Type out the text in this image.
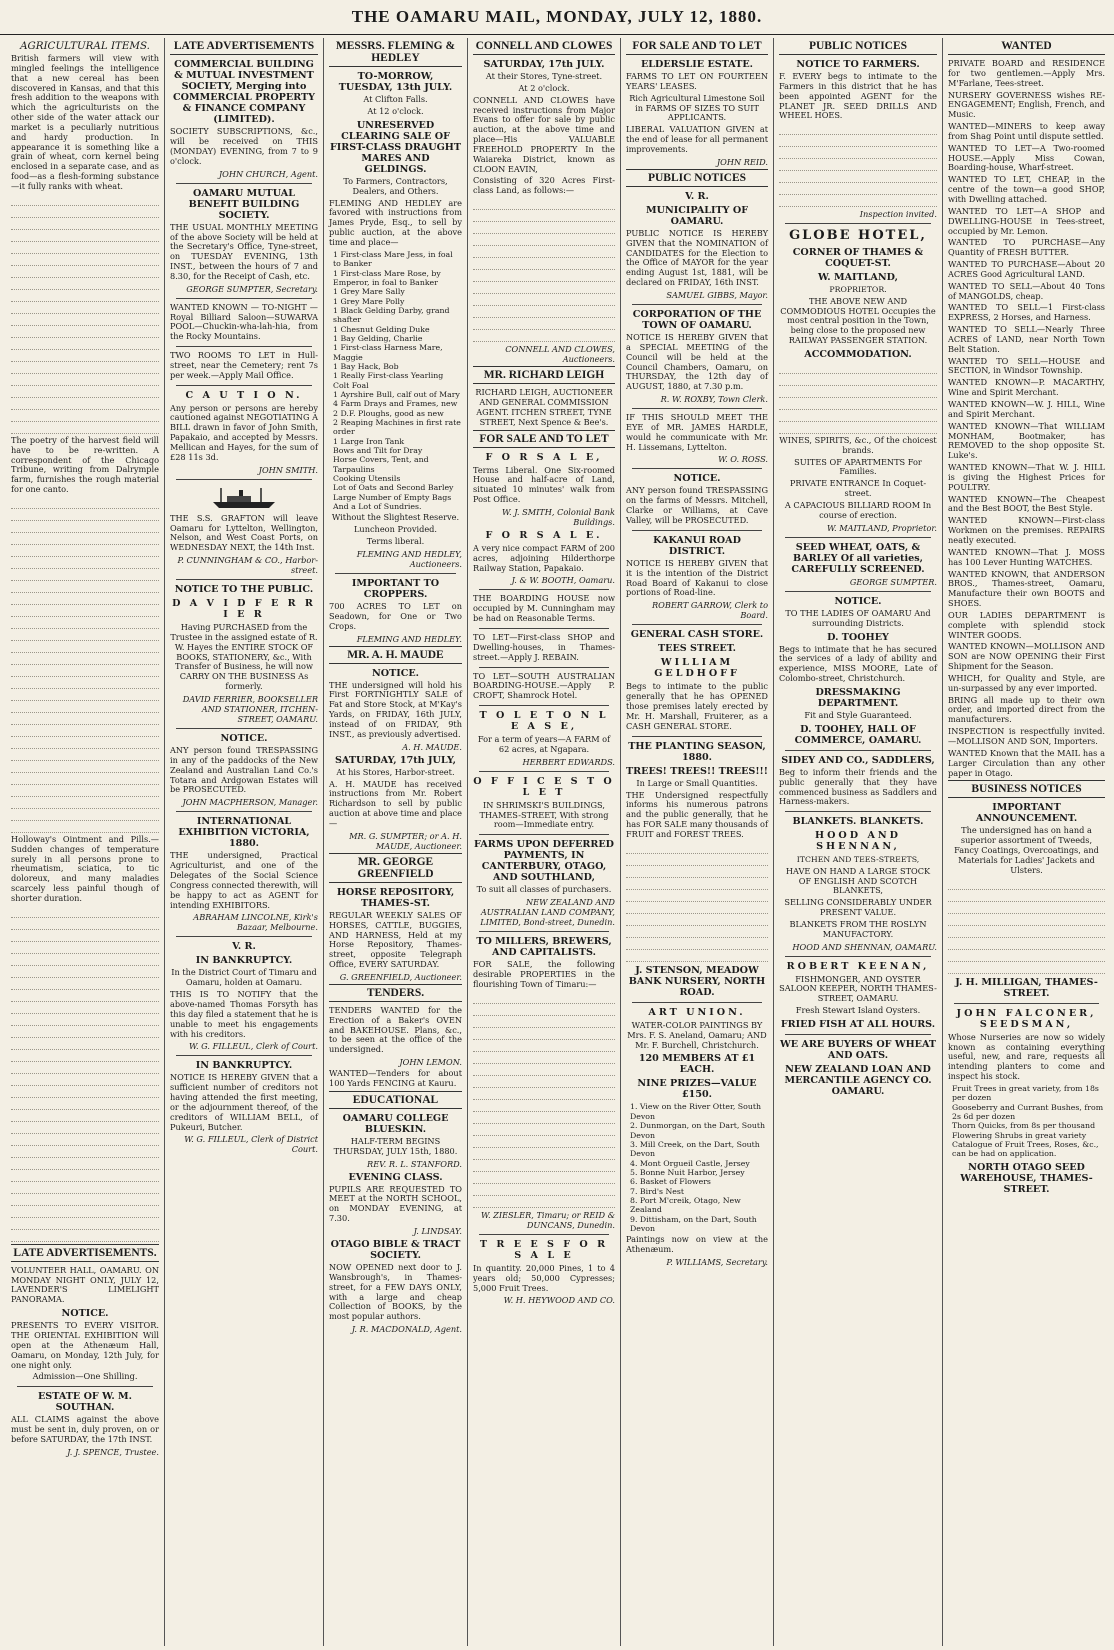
THE OAMARU MAIL, MONDAY, JULY 12, 1880.
AGRICULTURAL ITEMS.

British farmers will view with mingled feelings the intelligence that a new cereal has been discovered in Kansas, and that this fresh addition to the weapons with which the agriculturists on the other side of the water attack our market is a peculiarly nutritious and hardy production. In appearance it is something like a grain of wheat, corn kernel being enclosed in a separate case, and as food—as a flesh-forming substance—it fully ranks with wheat.

The poetry of the harvest field will have to be re-written. A correspondent of the Chicago Tribune, writing from Dalrymple farm, furnishes the rough material for one canto.

Holloway's Ointment and Pills.—Sudden changes of temperature surely in all persons prone to rheumatism, sciatica, to tic doloreux, and many maladies scarcely less painful though of shorter duration.

LATE ADVERTISEMENTS.

VOLUNTEER HALL, OAMARU. ON MONDAY NIGHT ONLY, JULY 12, LAVENDER'S LIMELIGHT PANORAMA.

NOTICE.

PRESENTS TO EVERY VISITOR. THE ORIENTAL EXHIBITION Will open at the Athenæum Hall, Oamaru, on Monday, 12th July, for one night only.

Admission—One Shilling.

ESTATE OF W. M. SOUTHAN.

ALL CLAIMS against the above must be sent in, duly proven, on or before SATURDAY, the 17th INST.

J. J. SPENCE, Trustee.
LATE ADVERTISEMENTS
COMMERCIAL BUILDING & MUTUAL INVESTMENT SOCIETY, Merging into COMMERCIAL PROPERTY & FINANCE COMPANY (LIMITED).

SOCIETY SUBSCRIPTIONS, &c., will be received on THIS (MONDAY) EVENING, from 7 to 9 o'clock.

JOHN CHURCH, Agent.
OAMARU MUTUAL BENEFIT BUILDING SOCIETY.

THE USUAL MONTHLY MEETING of the above Society will be held at the Secretary's Office, Tyne-street, on TUESDAY EVENING, 13th INST., between the hours of 7 and 8.30, for the Receipt of Cash, etc.

GEORGE SUMPTER, Secretary.

WANTED KNOWN — TO-NIGHT — Royal Billiard Saloon—SUWARVA POOL—Chuckin-wha-lah-hia, from the Rocky Mountains.

TWO ROOMS TO LET in Hull-street, near the Cemetery; rent 7s per week.—Apply Mail Office.

C A U T I O N.

Any person or persons are hereby cautioned against NEGOTIATING A BILL drawn in favor of John Smith, Papakaio, and accepted by Messrs. Mellican and Hayes, for the sum of £28 11s 3d.

JOHN SMITH.

THE S.S. GRAFTON will leave Oamaru for Lyttelton, Wellington, Nelson, and West Coast Ports, on WEDNESDAY NEXT, the 14th Inst.

P. CUNNINGHAM & CO., Harbor-street.
NOTICE TO THE PUBLIC.
D A V I D F E R R I E R

Having PURCHASED from the Trustee in the assigned estate of R. W. Hayes the ENTIRE STOCK OF BOOKS, STATIONERY, &c., With Transfer of Business, he will now CARRY ON THE BUSINESS As formerly.

DAVID FERRIER, BOOKSELLER AND STATIONER, ITCHEN-STREET, OAMARU.
NOTICE.

ANY person found TRESPASSING in any of the paddocks of the New Zealand and Australian Land Co.'s Totara and Ardgowan Estates will be PROSECUTED.

JOHN MACPHERSON, Manager.
INTERNATIONAL EXHIBITION VICTORIA, 1880.

THE undersigned, Practical Agriculturist, and one of the Delegates of the Social Science Congress connected therewith, will be happy to act as AGENT for intending EXHIBITORS.

ABRAHAM LINCOLNE, Kirk's Bazaar, Melbourne.
V. R.
IN BANKRUPTCY.

In the District Court of Timaru and Oamaru, holden at Oamaru.

THIS IS TO NOTIFY that the above-named Thomas Forsyth has this day filed a statement that he is unable to meet his engagements with his creditors.

W. G. FILLEUL, Clerk of Court.
IN BANKRUPTCY.

NOTICE IS HEREBY GIVEN that a sufficient number of creditors not having attended the first meeting, or the adjournment thereof, of the creditors of WILLIAM BELL, of Pukeuri, Butcher.

W. G. FILLEUL, Clerk of District Court.
MESSRS. FLEMING & HEDLEY
TO-MORROW, TUESDAY, 13th JULY.

At Clifton Falls.

At 12 o'clock.

UNRESERVED CLEARING SALE OF FIRST-CLASS DRAUGHT MARES AND GELDINGS.

To Farmers, Contractors, Dealers, and Others.

FLEMING AND HEDLEY are favored with instructions from James Pryde, Esq., to sell by public auction, at the above time and place—

1 First-class Mare Jess, in foal to Banker
1 First-class Mare Rose, by Emperor, in foal to Banker
1 Grey Mare Sally
1 Grey Mare Polly
1 Black Gelding Darby, grand shafter
1 Chesnut Gelding Duke
1 Bay Gelding, Charlie
1 First-class Harness Mare, Maggie
1 Bay Hack, Bob
1 Really First-class Yearling Colt Foal
1 Ayrshire Bull, calf out of Mary
4 Farm Drays and Frames, new
2 D.F. Ploughs, good as new
2 Reaping Machines in first rate order
1 Large Iron Tank
Bows and Tilt for Dray
Horse Covers, Tent, and Tarpaulins
Cooking Utensils
Lot of Oats and Second Barley
Large Number of Empty Bags
And a Lot of Sundries.

Without the Slightest Reserve.

Luncheon Provided.

Terms liberal.

FLEMING AND HEDLEY, Auctioneers.
IMPORTANT TO CROPPERS.

700 ACRES TO LET on Seadown, for One or Two Crops.

FLEMING AND HEDLEY.
MR. A. H. MAUDE
NOTICE.

THE undersigned will hold his First FORTNIGHTLY SALE of Fat and Store Stock, at M'Kay's Yards, on FRIDAY, 16th JULY, instead of on FRIDAY, 9th INST., as previously advertised.

A. H. MAUDE.
SATURDAY, 17th JULY,

At his Stores, Harbor-street.

A. H. MAUDE has received instructions from Mr. Robert Richardson to sell by public auction at above time and place—

MR. G. SUMPTER; or A. H. MAUDE, Auctioneer.
MR. GEORGE GREENFIELD
HORSE REPOSITORY, THAMES-ST.

REGULAR WEEKLY SALES OF HORSES, CATTLE, BUGGIES, AND HARNESS, Held at my Horse Repository, Thames-street, opposite Telegraph Office, EVERY SATURDAY.

G. GREENFIELD, Auctioneer.
TENDERS.

TENDERS WANTED for the Erection of a Baker's OVEN and BAKEHOUSE. Plans, &c., to be seen at the office of the undersigned.

JOHN LEMON.

WANTED—Tenders for about 100 Yards FENCING at Kauru.

EDUCATIONAL
OAMARU COLLEGE BLUESKIN.

HALF-TERM BEGINS THURSDAY, JULY 15th, 1880.

REV. R. L. STANFORD.
EVENING CLASS.

PUPILS ARE REQUESTED TO MEET at the NORTH SCHOOL, on MONDAY EVENING, at 7.30.

J. LINDSAY.
OTAGO BIBLE & TRACT SOCIETY.

NOW OPENED next door to J. Wansbrough's, in Thames-street, for a FEW DAYS ONLY, with a large and cheap Collection of BOOKS, by the most popular authors.

J. R. MACDONALD, Agent.
CONNELL AND CLOWES
SATURDAY, 17th JULY.

At their Stores, Tyne-street.

At 2 o'clock.

CONNELL AND CLOWES have received instructions from Major Evans to offer for sale by public auction, at the above time and place—His VALUABLE FREEHOLD PROPERTY In the Waiareka District, known as CLOON EAVIN,

Consisting of 320 Acres First-class Land, as follows:—

CONNELL AND CLOWES, Auctioneers.
MR. RICHARD LEIGH

RICHARD LEIGH, AUCTIONEER AND GENERAL COMMISSION AGENT. ITCHEN STREET, TYNE STREET, Next Spence & Bee's.

FOR SALE AND TO LET
F O R S A L E,

Terms Liberal. One Six-roomed House and half-acre of Land, situated 10 minutes' walk from Post Office.

W. J. SMITH, Colonial Bank Buildings.
F O R S A L E.

A very nice compact FARM of 200 acres, adjoining Hilderthorpe Railway Station, Papakaio.

J. & W. BOOTH, Oamaru.

THE BOARDING HOUSE now occupied by M. Cunningham may be had on Reasonable Terms.

TO LET—First-class SHOP and Dwelling-houses, in Thames-street.—Apply J. REBAIN.

TO LET—SOUTH AUSTRALIAN BOARDING-HOUSE.—Apply P. CROFT, Shamrock Hotel.

T O L E T O N L E A S E,

For a term of years—A FARM of 62 acres, at Ngapara.

HERBERT EDWARDS.
O F F I C E S T O L E T

IN SHRIMSKI'S BUILDINGS, THAMES-STREET, With strong room—Immediate entry.

FARMS UPON DEFERRED PAYMENTS, IN CANTERBURY, OTAGO, AND SOUTHLAND,

To suit all classes of purchasers.

NEW ZEALAND AND AUSTRALIAN LAND COMPANY, LIMITED, Bond-street, Dunedin.
TO MILLERS, BREWERS, AND CAPITALISTS.

FOR SALE, the following desirable PROPERTIES in the flourishing Town of Timaru:—

W. ZIESLER, Timaru; or REID & DUNCANS, Dunedin.
T R E E S F O R S A L E

In quantity. 20,000 Pines, 1 to 4 years old; 50,000 Cypresses; 5,000 Fruit Trees.

W. H. HEYWOOD AND CO.
FOR SALE AND TO LET
ELDERSLIE ESTATE.

FARMS TO LET ON FOURTEEN YEARS' LEASES.

Rich Agricultural Limestone Soil in FARMS OF SIZES TO SUIT APPLICANTS.

LIBERAL VALUATION GIVEN at the end of lease for all permanent improvements.

JOHN REID.
PUBLIC NOTICES
V. R.
MUNICIPALITY OF OAMARU.

PUBLIC NOTICE IS HEREBY GIVEN that the NOMINATION of CANDIDATES for the Election to the Office of MAYOR for the year ending August 1st, 1881, will be declared on FRIDAY, 16th INST.

SAMUEL GIBBS, Mayor.
CORPORATION OF THE TOWN OF OAMARU.

NOTICE IS HEREBY GIVEN that a SPECIAL MEETING of the Council will be held at the Council Chambers, Oamaru, on THURSDAY, the 12th day of AUGUST, 1880, at 7.30 p.m.

R. W. ROXBY, Town Clerk.

IF THIS SHOULD MEET THE EYE of MR. JAMES HARDLE, would he communicate with Mr. H. Lissemans, Lyttelton.

W. O. ROSS.
NOTICE.

ANY person found TRESPASSING on the farms of Messrs. Mitchell, Clarke or Williams, at Cave Valley, will be PROSECUTED.

KAKANUI ROAD DISTRICT.

NOTICE IS HEREBY GIVEN that it is the intention of the District Road Board of Kakanui to close portions of Road-line.

ROBERT GARROW, Clerk to Board.
GENERAL CASH STORE.
TEES STREET.
WILLIAM GELDHOFF

Begs to intimate to the public generally that he has OPENED those premises lately erected by Mr. H. Marshall, Fruiterer, as a CASH GENERAL STORE.

THE PLANTING SEASON, 1880.
TREES! TREES!! TREES!!!

In Large or Small Quantities.

THE Undersigned respectfully informs his numerous patrons and the public generally, that he has FOR SALE many thousands of FRUIT and FOREST TREES.

J. STENSON, MEADOW BANK NURSERY, NORTH ROAD.
ART UNION.

WATER-COLOR PAINTINGS BY Mrs. F. S. Aneland, Oamaru; AND Mr. F. Burchell, Christchurch.

120 MEMBERS AT £1 EACH.
NINE PRIZES—VALUE £150.
1. View on the River Otter, South Devon
2. Dunmorgan, on the Dart, South Devon
3. Mill Creek, on the Dart, South Devon
4. Mont Orgueil Castle, Jersey
5. Bonne Nuit Harbor, Jersey
6. Basket of Flowers
7. Bird's Nest
8. Port M'creik, Otago, New Zealand
9. Dittisham, on the Dart, South Devon

Paintings now on view at the Athenæum.

P. WILLIAMS, Secretary.
PUBLIC NOTICES
NOTICE TO FARMERS.

F. EVERY begs to intimate to the Farmers in this district that he has been appointed AGENT for the PLANET JR. SEED DRILLS AND WHEEL HOES.

Inspection invited.
GLOBE HOTEL,
CORNER OF THAMES & COQUET-ST.
W. MAITLAND,

PROPRIETOR.

THE ABOVE NEW AND COMMODIOUS HOTEL Occupies the most central position in the Town, being close to the proposed new RAILWAY PASSENGER STATION.

ACCOMMODATION.

WINES, SPIRITS, &c., Of the choicest brands.

SUITES OF APARTMENTS For Families.

PRIVATE ENTRANCE In Coquet-street.

A CAPACIOUS BILLIARD ROOM In course of erection.

W. MAITLAND, Proprietor.
SEED WHEAT, OATS, & BARLEY Of all varieties, CAREFULLY SCREENED.
GEORGE SUMPTER.
NOTICE.

TO THE LADIES OF OAMARU And surrounding Districts.

D. TOOHEY

Begs to intimate that he has secured the services of a lady of ability and experience, MISS MOORE, Late of Colombo-street, Christchurch.

DRESSMAKING DEPARTMENT.

Fit and Style Guaranteed.

D. TOOHEY, HALL OF COMMERCE, OAMARU.
SIDEY AND CO., SADDLERS,

Beg to inform their friends and the public generally that they have commenced business as Saddlers and Harness-makers.

BLANKETS. BLANKETS.
HOOD AND SHENNAN,

ITCHEN AND TEES-STREETS,

HAVE ON HAND A LARGE STOCK OF ENGLISH AND SCOTCH BLANKETS,

SELLING CONSIDERABLY UNDER PRESENT VALUE.

BLANKETS FROM THE ROSLYN MANUFACTORY.

HOOD AND SHENNAN, OAMARU.
ROBERT KEENAN,

FISHMONGER, AND OYSTER SALOON KEEPER, NORTH THAMES-STREET, OAMARU.

Fresh Stewart Island Oysters.

FRIED FISH AT ALL HOURS.
WE ARE BUYERS OF WHEAT AND OATS.
NEW ZEALAND LOAN AND MERCANTILE AGENCY CO. OAMARU.
WANTED

PRIVATE BOARD and RESIDENCE for two gentlemen.—Apply Mrs. M'Farlane, Tees-street.

NURSERY GOVERNESS wishes RE-ENGAGEMENT; English, French, and Music.

WANTED—MINERS to keep away from Shag Point until dispute settled.

WANTED TO LET—A Two-roomed HOUSE.—Apply Miss Cowan, Boarding-house, Wharf-street.

WANTED TO LET, CHEAP, in the centre of the town—a good SHOP, with Dwelling attached.

WANTED TO LET—A SHOP and DWELLING-HOUSE in Tees-street, occupied by Mr. Lemon.

WANTED TO PURCHASE—Any Quantity of FRESH BUTTER.

WANTED TO PURCHASE—About 20 ACRES Good Agricultural LAND.

WANTED TO SELL—About 40 Tons of MANGOLDS, cheap.

WANTED TO SELL—1 First-class EXPRESS, 2 Horses, and Harness.

WANTED TO SELL—Nearly Three ACRES of LAND, near North Town Belt Station.

WANTED TO SELL—HOUSE and SECTION, in Windsor Township.

WANTED KNOWN—P. MACARTHY, Wine and Spirit Merchant.

WANTED KNOWN—W. J. HILL, Wine and Spirit Merchant.

WANTED KNOWN—That WILLIAM MONHAM, Bootmaker, has REMOVED to the shop opposite St. Luke's.

WANTED KNOWN—That W. J. HILL is giving the Highest Prices for POULTRY.

WANTED KNOWN—The Cheapest and the Best BOOT, the Best Style.

WANTED KNOWN—First-class Workmen on the premises. REPAIRS neatly executed.

WANTED KNOWN—That J. MOSS has 100 Lever Hunting WATCHES.

WANTED KNOWN, that ANDERSON BROS., Thames-street, Oamaru, Manufacture their own BOOTS and SHOES.

OUR LADIES DEPARTMENT is complete with splendid stock WINTER GOODS.

WANTED KNOWN—MOLLISON AND SON are NOW OPENING their First Shipment for the Season.

WHICH, for Quality and Style, are un-surpassed by any ever imported.

BRING all made up to their own order, and imported direct from the manufacturers.

INSPECTION is respectfully invited.—MOLLISON AND SON, Importers.

WANTED Known that the MAIL has a Larger Circulation than any other paper in Otago.

BUSINESS NOTICES
IMPORTANT ANNOUNCEMENT.

The undersigned has on hand a superior assortment of Tweeds, Fancy Coatings, Overcoatings, and Materials for Ladies' Jackets and Ulsters.

J. H. MILLIGAN, THAMES-STREET.
JOHN FALCONER, SEEDSMAN,

Whose Nurseries are now so widely known as containing everything useful, new, and rare, requests all intending planters to come and inspect his stock.

Fruit Trees in great variety, from 18s per dozen
Gooseberry and Currant Bushes, from 2s 6d per dozen
Thorn Quicks, from 8s per thousand
Flowering Shrubs in great variety
Catalogue of Fruit Trees, Roses, &c., can be had on application.
NORTH OTAGO SEED WAREHOUSE, THAMES-STREET.
